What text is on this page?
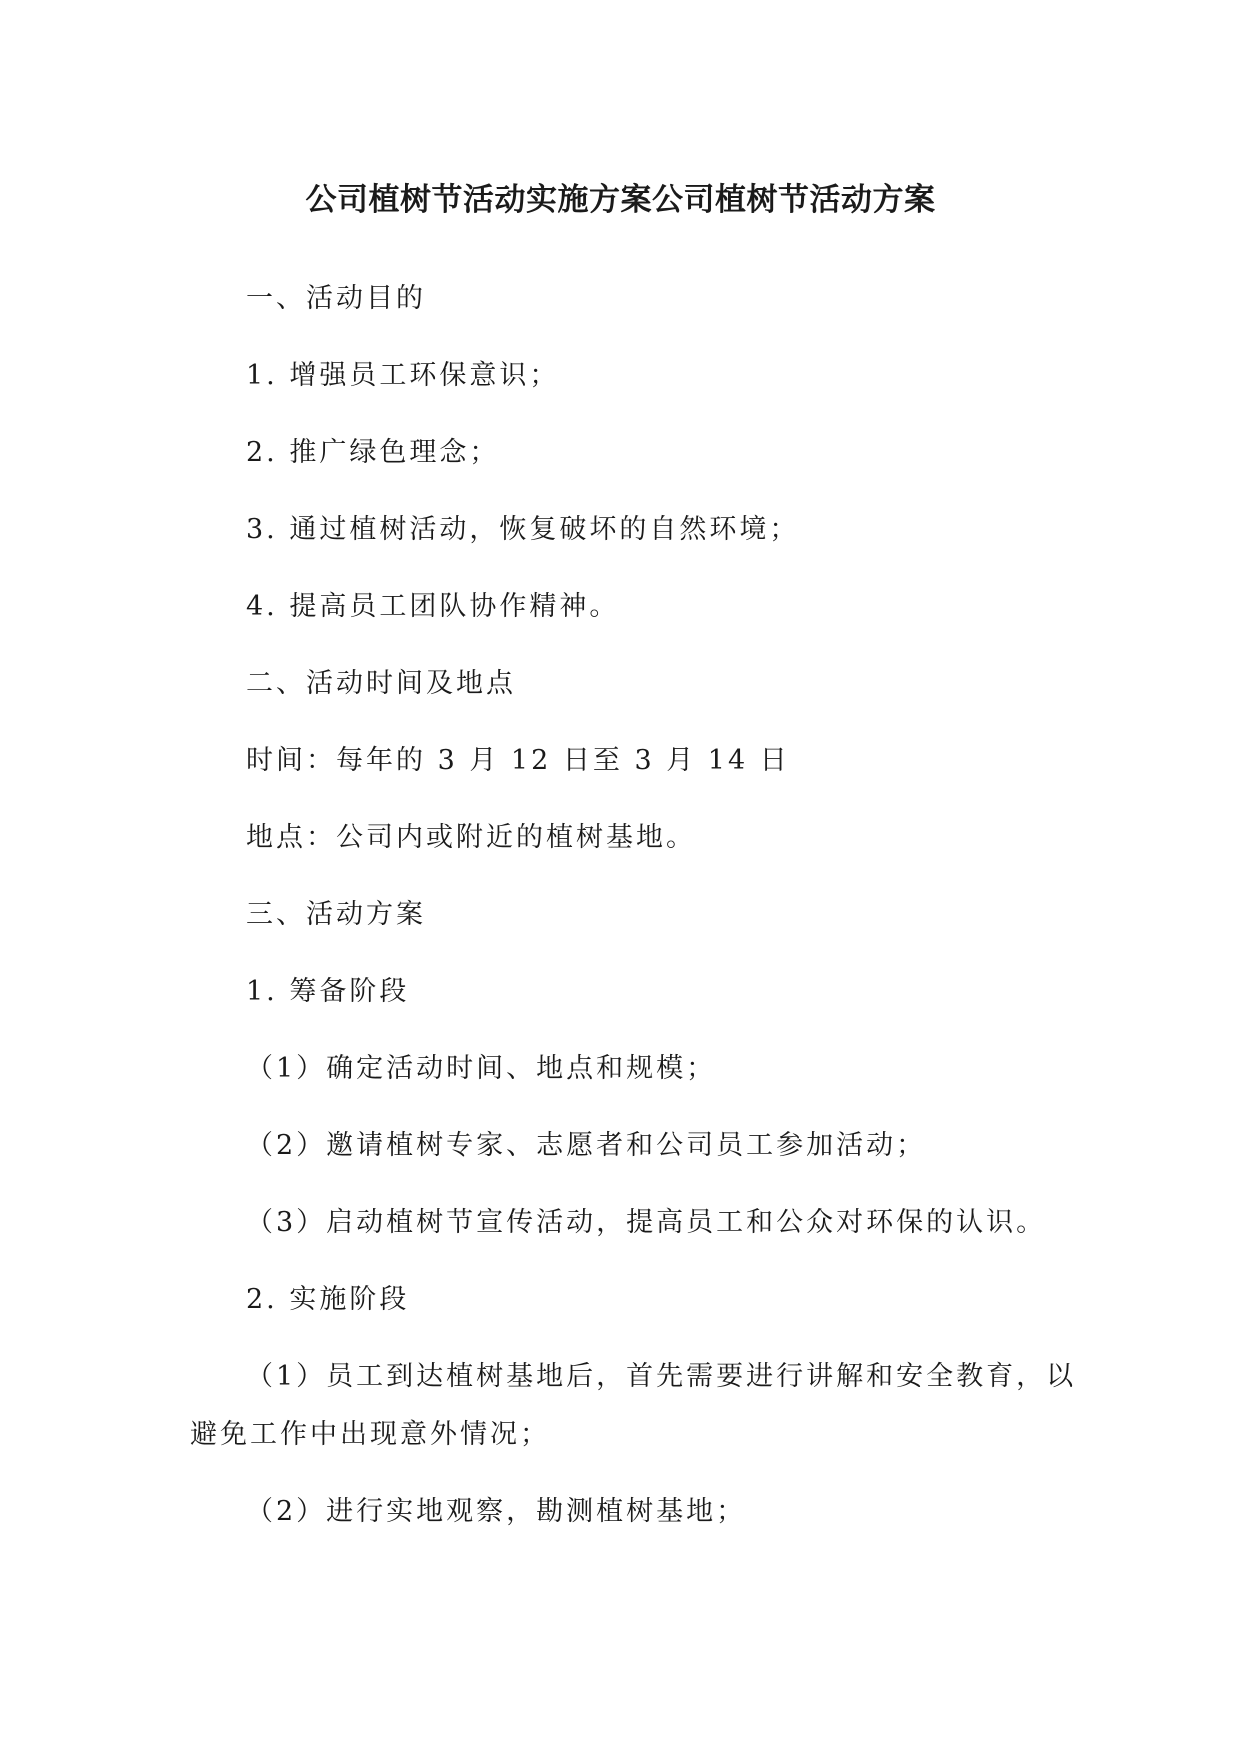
公司植树节活动实施方案公司植树节活动方案
一、活动目的
1. 增强员工环保意识；
2. 推广绿色理念；
3. 通过植树活动，恢复破坏的自然环境；
4. 提高员工团队协作精神。
二、活动时间及地点
时间：每年的 3 月 12 日至 3 月 14 日
地点：公司内或附近的植树基地。
三、活动方案
1. 筹备阶段
（1）确定活动时间、地点和规模；
（2）邀请植树专家、志愿者和公司员工参加活动；
（3）启动植树节宣传活动，提高员工和公众对环保的认识。
2. 实施阶段
（1）员工到达植树基地后，首先需要进行讲解和安全教育，以
避免工作中出现意外情况；
（2）进行实地观察，勘测植树基地；
